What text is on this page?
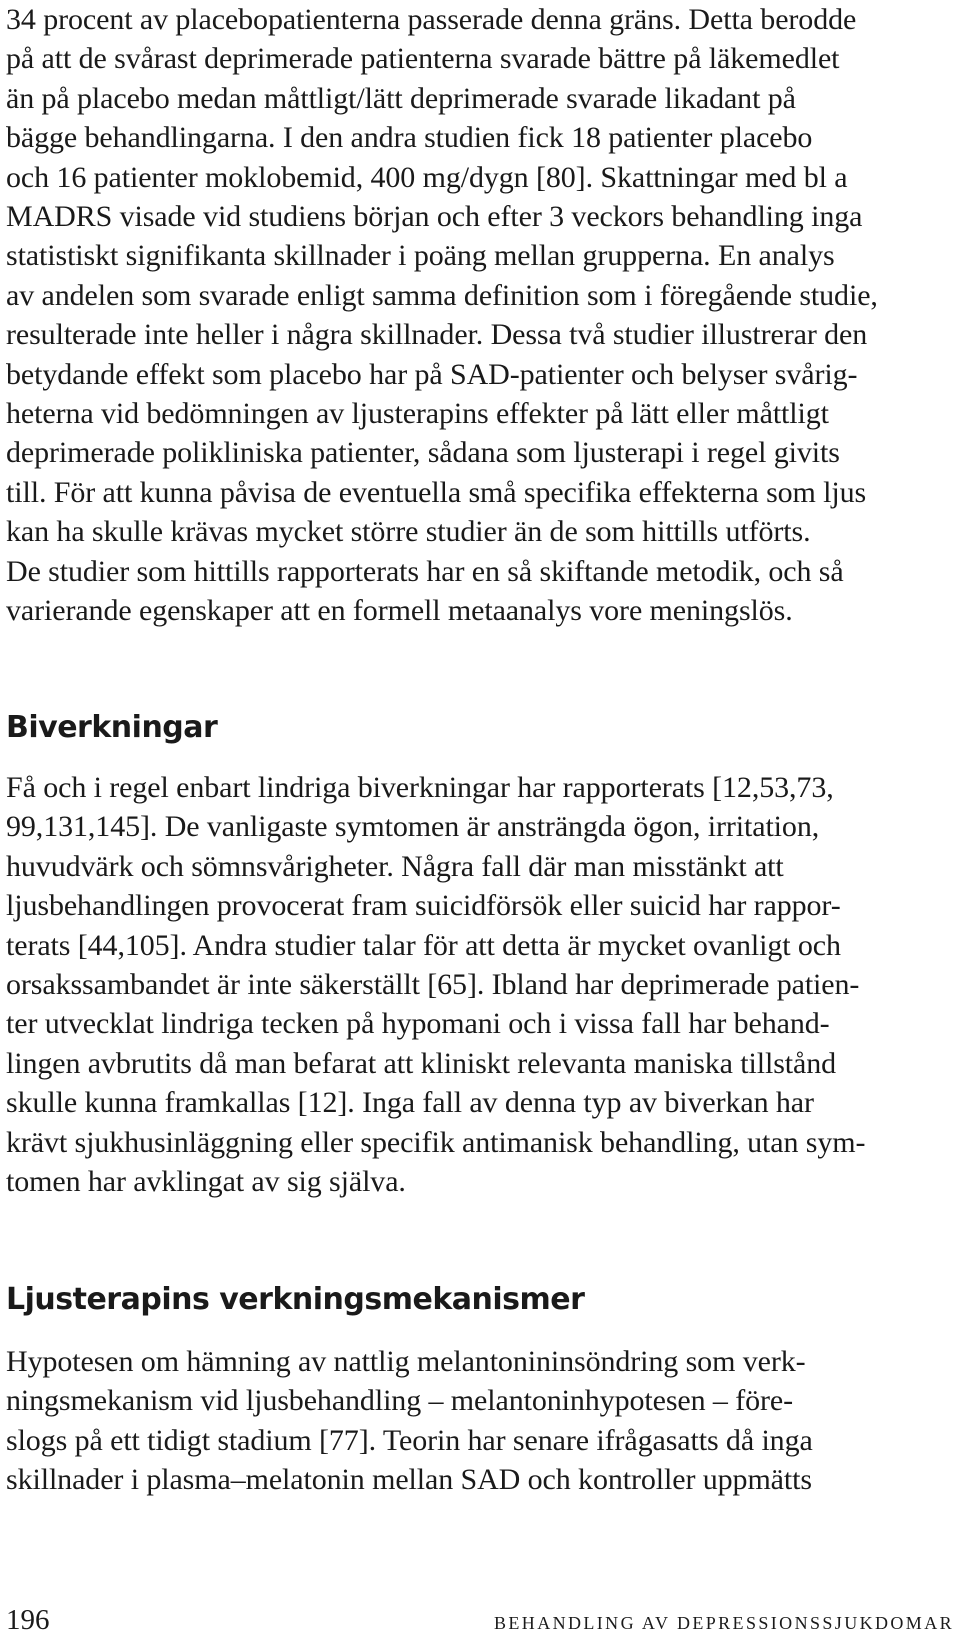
34 procent av placebopatienterna passerade denna gräns. Detta berodde
på att de svårast deprimerade patienterna svarade bättre på läkemedlet
än på placebo medan måttligt/lätt deprimerade svarade likadant på
bägge behandlingarna. I den andra studien fick 18 patienter placebo
och 16 patienter moklobemid, 400 mg/dygn [80]. Skattningar med bl a
MADRS visade vid studiens början och efter 3 veckors behandling inga
statistiskt signifikanta skillnader i poäng mellan grupperna. En analys
av andelen som svarade enligt samma definition som i föregående studie,
resulterade inte heller i några skillnader. Dessa två studier illustrerar den
betydande effekt som placebo har på SAD-patienter och belyser svårig-
heterna vid bedömningen av ljusterapins effekter på lätt eller måttligt
deprimerade polikliniska patienter, sådana som ljusterapi i regel givits
till. För att kunna påvisa de eventuella små specifika effekterna som ljus
kan ha skulle krävas mycket större studier än de som hittills utförts.
De studier som hittills rapporterats har en så skiftande metodik, och så
varierande egenskaper att en formell metaanalys vore meningslös.
Biverkningar
Få och i regel enbart lindriga biverkningar har rapporterats [12,53,73,
99,131,145]. De vanligaste symtomen är ansträngda ögon, irritation,
huvudvärk och sömnsvårigheter. Några fall där man misstänkt att
ljusbehandlingen provocerat fram suicidförsök eller suicid har rappor-
terats [44,105]. Andra studier talar för att detta är mycket ovanligt och
orsakssambandet är inte säkerställt [65]. Ibland har deprimerade patien-
ter utvecklat lindriga tecken på hypomani och i vissa fall har behand-
lingen avbrutits då man befarat att kliniskt relevanta maniska tillstånd
skulle kunna framkallas [12]. Inga fall av denna typ av biverkan har
krävt sjukhusinläggning eller specifik antimanisk behandling, utan sym-
tomen har avklingat av sig själva.
Ljusterapins verkningsmekanismer
Hypotesen om hämning av nattlig melantonininsöndring som verk-
ningsmekanism vid ljusbehandling – melantoninhypotesen – före-
slogs på ett tidigt stadium [77]. Teorin har senare ifrågasatts då inga
skillnader i plasma–melatonin mellan SAD och kontroller uppmätts
196	BEHANDLING AV DEPRESSIONSSJUKDOMAR
